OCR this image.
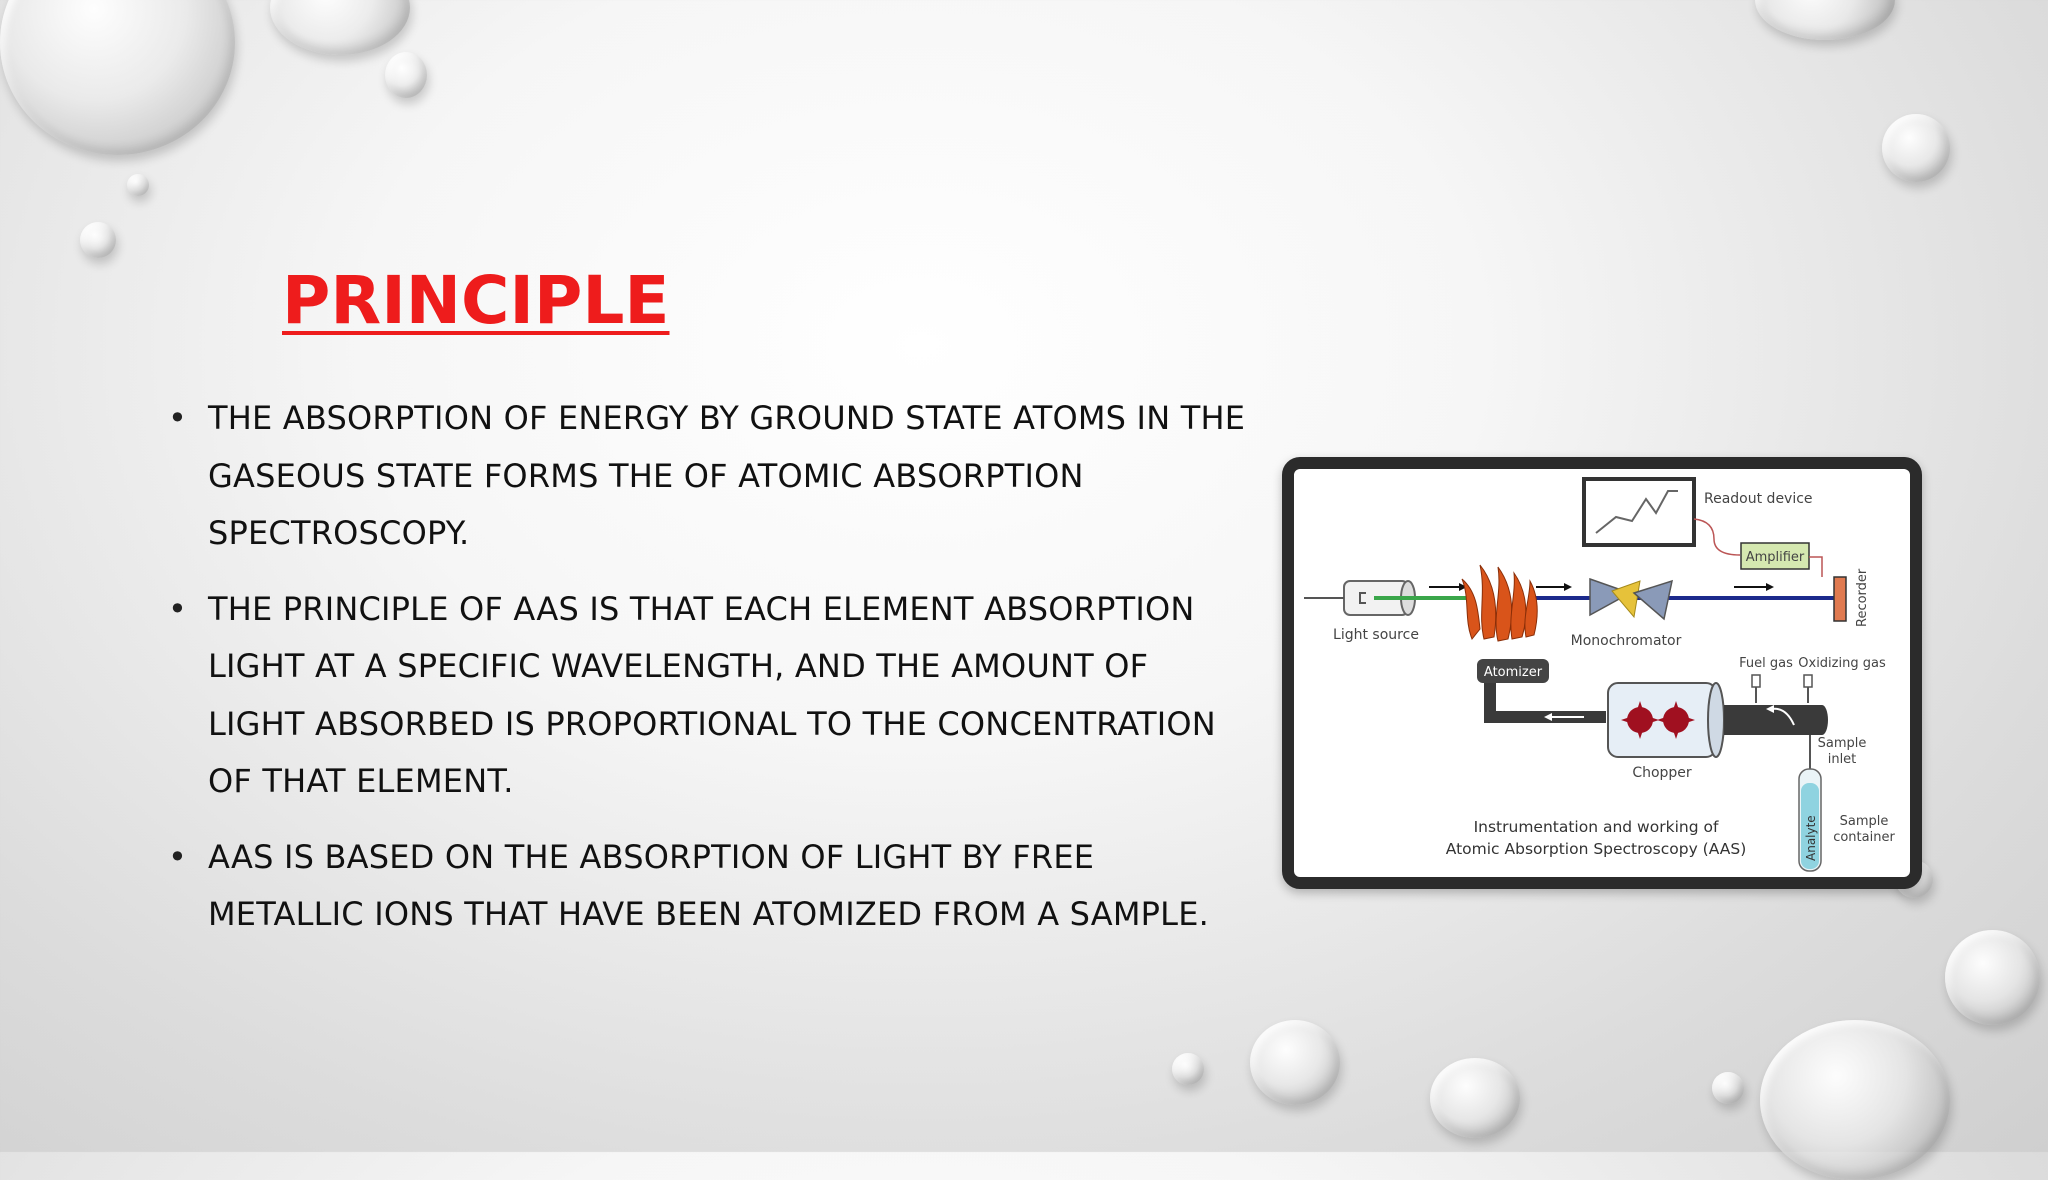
PRINCIPLE
• THE ABSORPTION OF ENERGY BY GROUND STATE ATOMS IN THE GASEOUS STATE FORMS THE OF ATOMIC ABSORPTION SPECTROSCOPY.
• THE PRINCIPLE OF AAS IS THAT EACH ELEMENT ABSORPTION LIGHT AT A SPECIFIC WAVELENGTH, AND THE AMOUNT OF LIGHT ABSORBED IS PROPORTIONAL TO THE CONCENTRATION OF THAT ELEMENT.
• AAS IS BASED ON THE ABSORPTION OF LIGHT BY FREE METALLIC IONS THAT HAVE BEEN ATOMIZED FROM A SAMPLE.
Readout device
Amplifier
Light source	Monochromator
Recorder
Atomizer
Chopper
Fuel gas Oxidizing gas
Sample
inlet
Analyte Sample
container
Instrumentation and working of
Atomic Absorption Spectroscopy (AAS)
